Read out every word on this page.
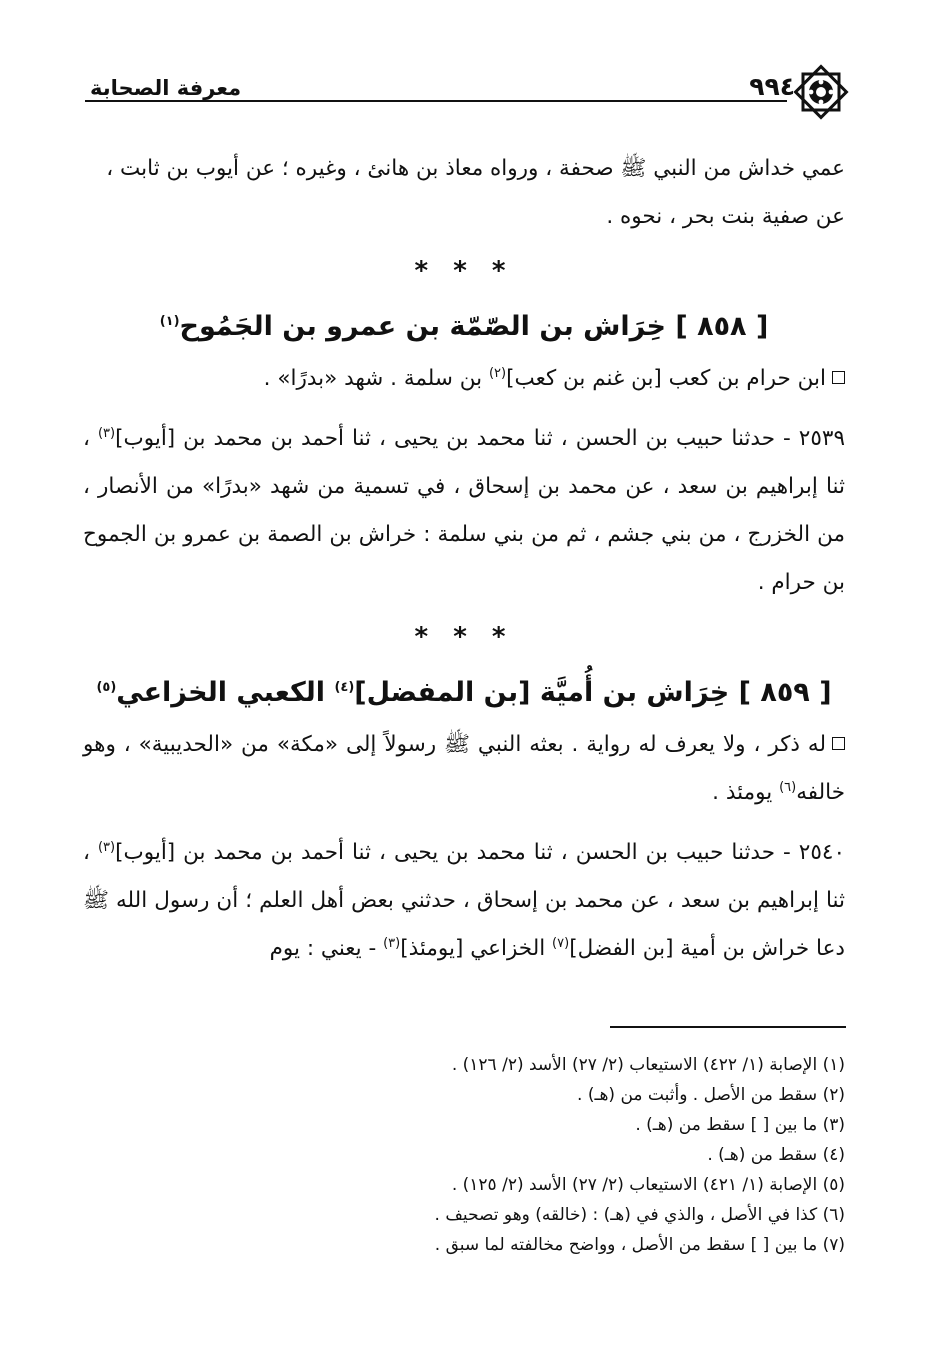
٩٩٤
معرفة الصحابة

عمي خداش من النبي ﷺ صحفة ، ورواه معاذ بن هانئ ، وغيره ؛ عن أيوب بن ثابت ،

عن صفية بنت بحر ، نحوه .

* * *

[ ٨٥٨ ] خِرَاش بن الصّمّة بن عمرو بن الجَمُوح$^{(١)}$

ابن حرام بن كعب [بن غنم بن كعب]$^{(٢)}$ بن سلمة . شهد «بدرًا» .

٢٥٣٩ - حدثنا حبيب بن الحسن ، ثنا محمد بن يحيى ، ثنا أحمد بن محمد بن [أيوب]$^{(٣)}$ ، ثنا إبراهيم بن سعد ، عن محمد بن إسحاق ، في تسمية من شهد «بدرًا» من الأنصار ، من الخزرج ، من بني جشم ، ثم من بني سلمة : خراش بن الصمة بن عمرو بن الجموح بن حرام .

* * *

[ ٨٥٩ ] خِرَاش بن أُميَّة [بن المفضل]$^{(٤)}$ الكعبي الخزاعي$^{(٥)}$

له ذكر ، ولا يعرف له رواية . بعثه النبي ﷺ رسولاً إلى «مكة» من «الحديبية» ، وهو خالفه$^{(٦)}$ يومئذ .

٢٥٤٠ - حدثنا حبيب بن الحسن ، ثنا محمد بن يحيى ، ثنا أحمد بن محمد بن [أيوب]$^{(٣)}$ ، ثنا إبراهيم بن سعد ، عن محمد بن إسحاق ، حدثني بعض أهل العلم ؛ أن رسول الله ﷺ دعا خراش بن أمية [بن الفضل]$^{(٧)}$ الخزاعي [يومئذ]$^{(٣)}$ - يعني : يوم

(١) الإصابة (١/ ٤٢٢) الاستيعاب (٢/ ٢٧) الأسد (٢/ ١٢٦) .
(٢) سقط من الأصل . وأثبت من (هـ) .
(٣) ما بين [ ] سقط من (هـ) .
(٤) سقط من (هـ) .
(٥) الإصابة (١/ ٤٢١) الاستيعاب (٢/ ٢٧) الأسد (٢/ ١٢٥) .
(٦) كذا في الأصل ، والذي في (هـ) : (خالقه) وهو تصحيف .
(٧) ما بين [ ] سقط من الأصل ، وواضح مخالفته لما سبق .
